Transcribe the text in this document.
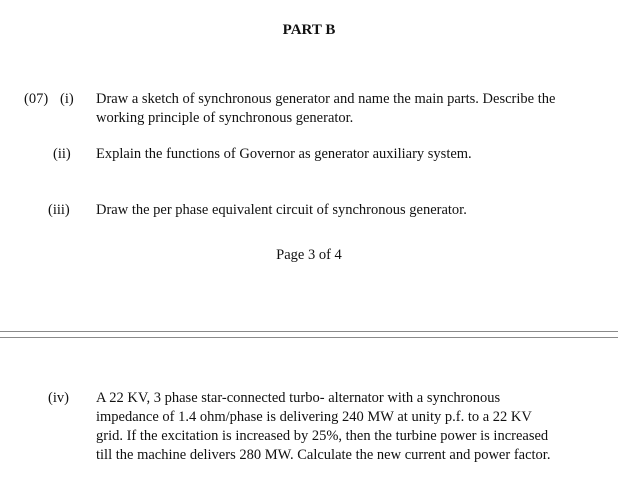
PART B
(07) (i) Draw a sketch of synchronous generator and name the main parts. Describe the
working principle of synchronous generator.
(ii) Explain the functions of Governor as generator auxiliary system.
(iii) Draw the per phase equivalent circuit of synchronous generator.
Page 3 of 4
(iv) A 22 KV, 3 phase star-connected turbo- alternator with a synchronous
impedance of 1.4 ohm/phase is delivering 240 MW at unity p.f. to a 22 KV
grid. If the excitation is increased by 25%, then the turbine power is increased
till the machine delivers 280 MW. Calculate the new current and power factor.
